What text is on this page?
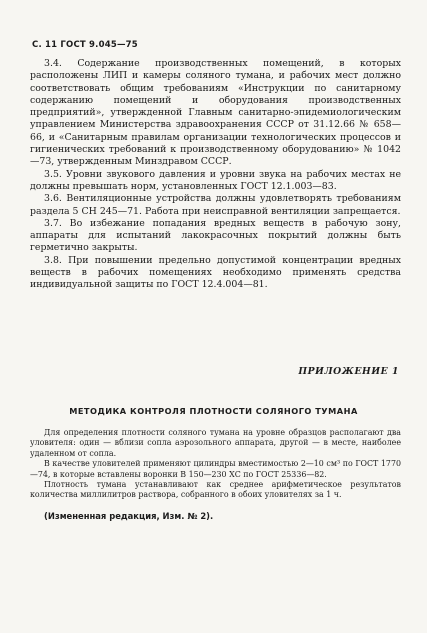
С. 11 ГОСТ 9.045—75

3.4. Содержание производственных помещений, в которых расположены ЛИП и камеры соляного тумана, и рабочих мест должно соответствовать общим требованиям «Инструкции по санитарному содержанию помещений и оборудования производственных предприятий», утвержденной Главным санитарно-эпидемиологическим управлением Министерства здравоохранения СССР от 31.12.66 № 658—66, и «Санитарным правилам организации технологических процессов и гигиенических требований к производственному оборудованию» № 1042—73, утвержденным Минздравом СССР.

3.5. Уровни звукового давления и уровни звука на рабочих местах не должны превышать норм, установленных ГОСТ 12.1.003—83.

3.6. Вентиляционные устройства должны удовлетворять требованиям раздела 5 СН 245—71. Работа при неисправной вентиляции запрещается.

3.7. Во избежание попадания вредных веществ в рабочую зону, аппараты для испытаний лакокрасочных покрытий должны быть герметично закрыты.

3.8. При повышении предельно допустимой концентрации вредных веществ в рабочих помещениях необходимо применять средства индивидуальной защиты по ГОСТ 12.4.004—81.

ПРИЛОЖЕНИЕ 1
МЕТОДИКА КОНТРОЛЯ ПЛОТНОСТИ СОЛЯНОГО ТУМАНА

Для определения плотности соляного тумана на уровне образцов располагают два уловителя: один — вблизи сопла аэрозольного аппарата, другой — в месте, наиболее удаленном от сопла.

В качестве уловителей применяют цилиндры вместимостью 2—10 см³ по ГОСТ 1770—74, в которые вставлены воронки В 150—230 ХС по ГОСТ 25336—82.

Плотность тумана устанавливают как среднее арифметическое результатов количества миллилитров раствора, собранного в обоих уловителях за 1 ч.

(Измененная редакция, Изм. № 2).
